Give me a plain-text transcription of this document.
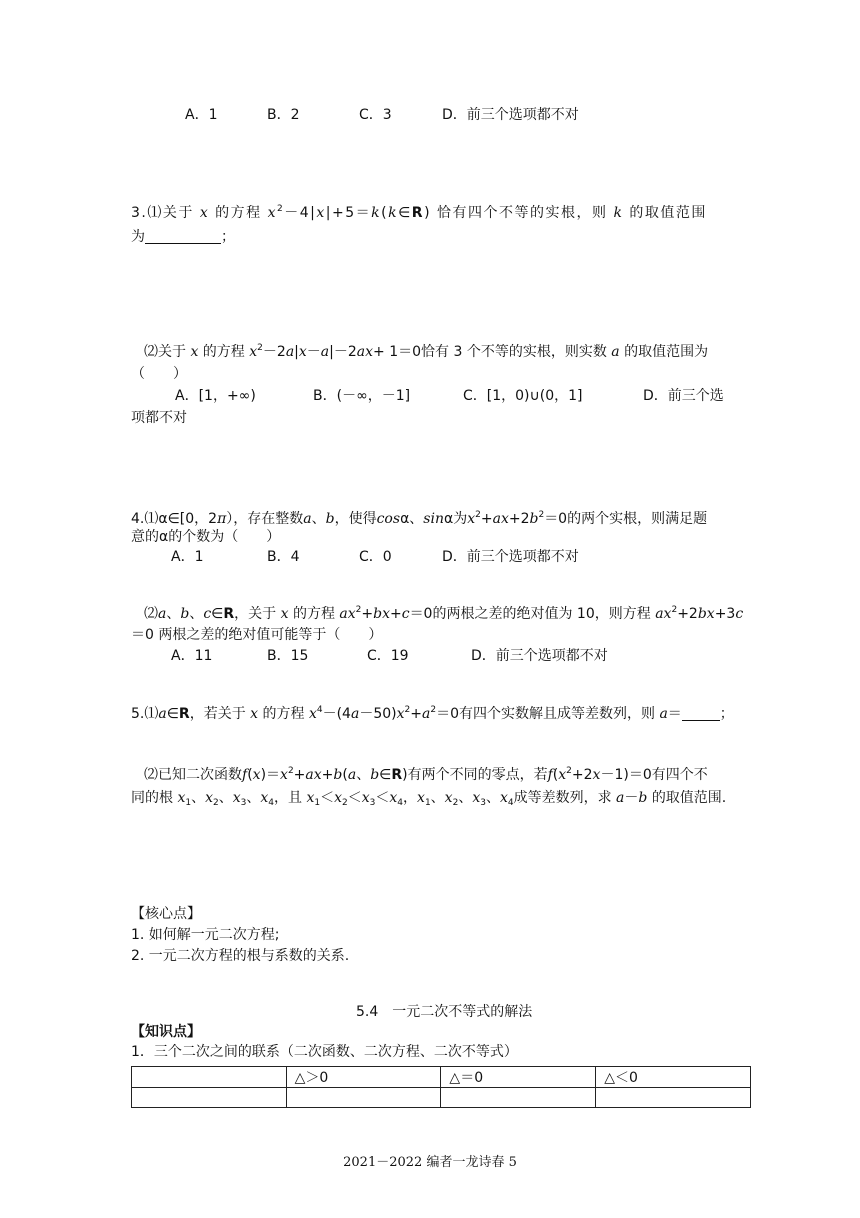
A．1	B．2	C．3	D．前三个选项都不对
3.⑴关于 x 的方程 $x^2-4|x|+5=k(k\in R)$ 恰有四个不等的实根，则 k 的取值范围
为	；
⑵关于 x 的方程 $x^2-2a|x-a|-2ax+ 1=0$恰有 3 个不等的实根，则实数 a 的取值范围为
（　　）
A．[1，+∞)	B．(－∞，－1]	C．[1，0)∪(0，1]	D．前三个选
项都不对
4.⑴α∈[0，2π），存在整数a、b，使得cosα、sinα为$x^2+ax+2b^2=0$的两个实根，则满足题
意的α的个数为（　　）
A．1	B．4	C．0	D．前三个选项都不对
⑵a、b、c∈R，关于 x 的方程 $ax^2+bx+c=0$的两根之差的绝对值为 10，则方程 $ax^2+2bx+3c$
＝0 两根之差的绝对值可能等于（　　）
A．11	B．15	C．19	D．前三个选项都不对
5.⑴a∈R，若关于 x 的方程 $x^4-(4a-50)x^2+a^2=0$有四个实数解且成等差数列，则 a＝	；
⑵已知二次函数$f(x)=x^2+ax+b(a$、b∈R)有两个不同的零点，若$f(x^2+2x-1)=0$有四个不
同的根 $x_1$、$x_2$、$x_3$、$x_4$，且 $x_1<x_2<x_3<x_4$，$x_1$、$x_2$、$x_3$、$x_4$成等差数列，求 a－b 的取值范围.
【核心点】
1. 如何解一元二次方程;
2. 一元二次方程的根与系数的关系.
5.4　一元二次不等式的解法
【知识点】
1．三个二次之间的联系（二次函数、二次方程、二次不等式）
	△＞0	△＝0	△＜0

2021－2022 编者一龙诗春 5
